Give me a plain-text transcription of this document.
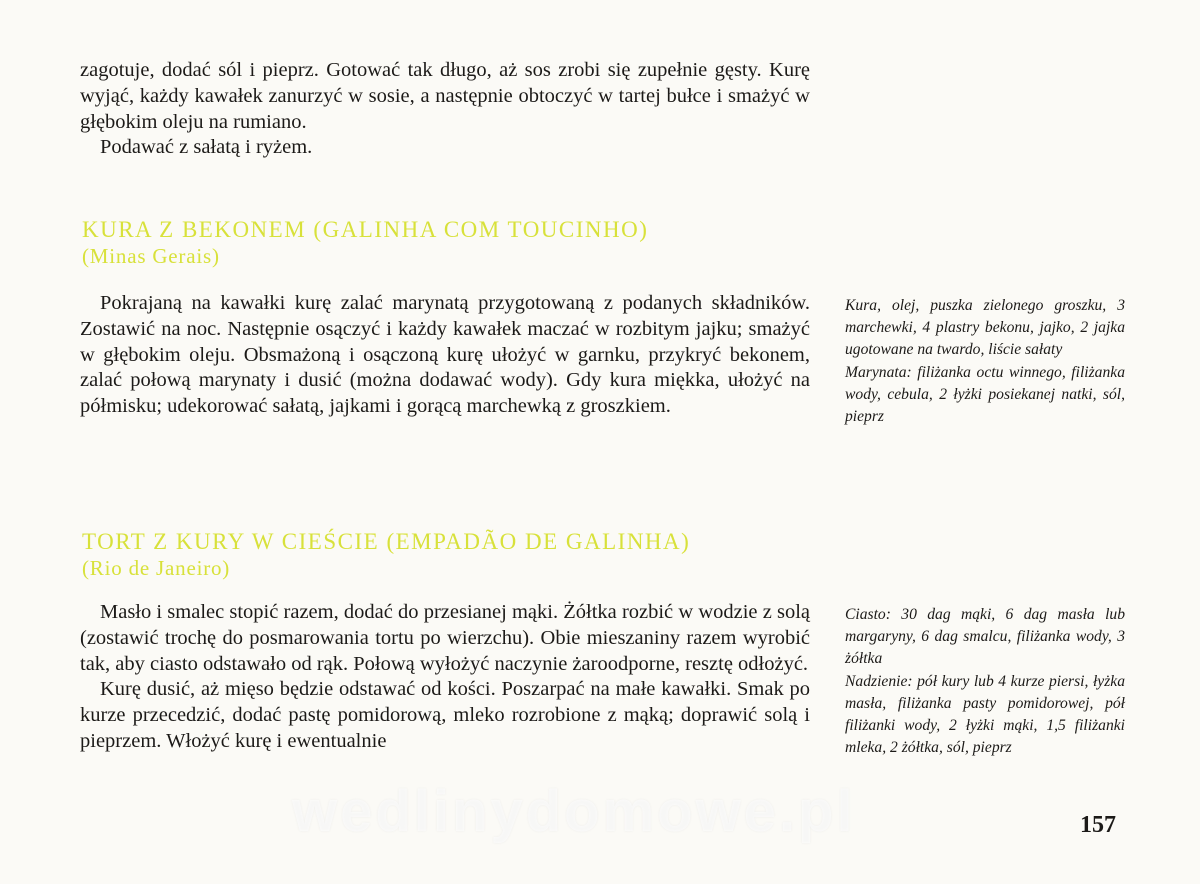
zagotuje, dodać sól i pieprz. Gotować tak długo, aż sos zrobi się zupełnie gęsty. Kurę wyjąć, każdy kawałek zanurzyć w sosie, a następnie obtoczyć w tartej bułce i smażyć w głębokim oleju na rumiano.

Podawać z sałatą i ryżem.

KURA Z BEKONEM (GALINHA COM TOUCINHO)
(Minas Gerais)

Pokrajaną na kawałki kurę zalać marynatą przygotowaną z podanych składników. Zostawić na noc. Następnie osączyć i każdy kawałek maczać w rozbitym jajku; smażyć w głębokim oleju. Obsmażoną i osączoną kurę ułożyć w garnku, przykryć bekonem, zalać połową marynaty i dusić (można dodawać wody). Gdy kura miękka, ułożyć na półmisku; udekorować sałatą, jajkami i gorącą marchewką z groszkiem.

Kura, olej, puszka zielonego groszku, 3 marchewki, 4 plastry bekonu, jajko, 2 jajka ugotowane na twardo, liście sałaty

Marynata: filiżanka octu winnego, filiżanka wody, cebula, 2 łyżki posiekanej natki, sól, pieprz

TORT Z KURY W CIEŚCIE (EMPADÃO DE GALINHA)
(Rio de Janeiro)

Masło i smalec stopić razem, dodać do przesianej mąki. Żółtka rozbić w wodzie z solą (zostawić trochę do posmarowania tortu po wierzchu). Obie mieszaniny razem wyrobić tak, aby ciasto odstawało od rąk. Połową wyłożyć naczynie żaroodporne, resztę odłożyć.

Kurę dusić, aż mięso będzie odstawać od kości. Poszarpać na małe kawałki. Smak po kurze przecedzić, dodać pastę pomidorową, mleko rozrobione z mąką; doprawić solą i pieprzem. Włożyć kurę i ewentualnie

Ciasto: 30 dag mąki, 6 dag masła lub margaryny, 6 dag smalcu, filiżanka wody, 3 żółtka

Nadzienie: pół kury lub 4 kurze piersi, łyżka masła, filiżanka pasty pomidorowej, pół filiżanki wody, 2 łyżki mąki, 1,5 filiżanki mleka, 2 żółtka, sól, pieprz

wedlinydomowe.pl	157
